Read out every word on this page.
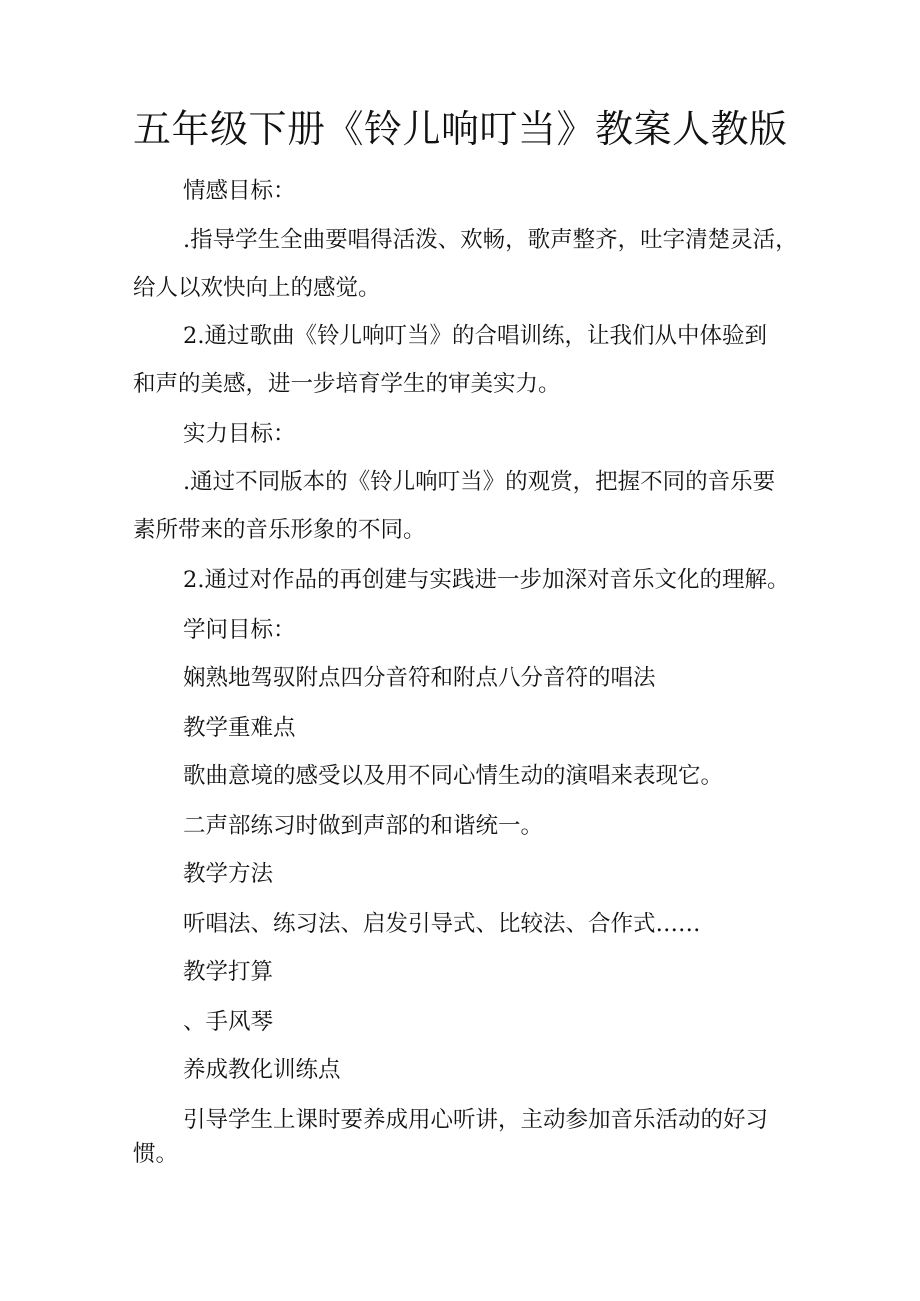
五年级下册《铃儿响叮当》教案人教版
情感目标：
.指导学生全曲要唱得活泼、欢畅，歌声整齐，吐字清楚灵活，
给人以欢快向上的感觉。
2.通过歌曲《铃儿响叮当》的合唱训练，让我们从中体验到
和声的美感，进一步培育学生的审美实力。
实力目标：
.通过不同版本的《铃儿响叮当》的观赏，把握不同的音乐要
素所带来的音乐形象的不同。
2.通过对作品的再创建与实践进一步加深对音乐文化的理解。
学问目标：
娴熟地驾驭附点四分音符和附点八分音符的唱法
教学重难点
歌曲意境的感受以及用不同心情生动的演唱来表现它。
二声部练习时做到声部的和谐统一。
教学方法
听唱法、练习法、启发引导式、比较法、合作式……
教学打算
、手风琴
养成教化训练点
引导学生上课时要养成用心听讲，主动参加音乐活动的好习
惯。
